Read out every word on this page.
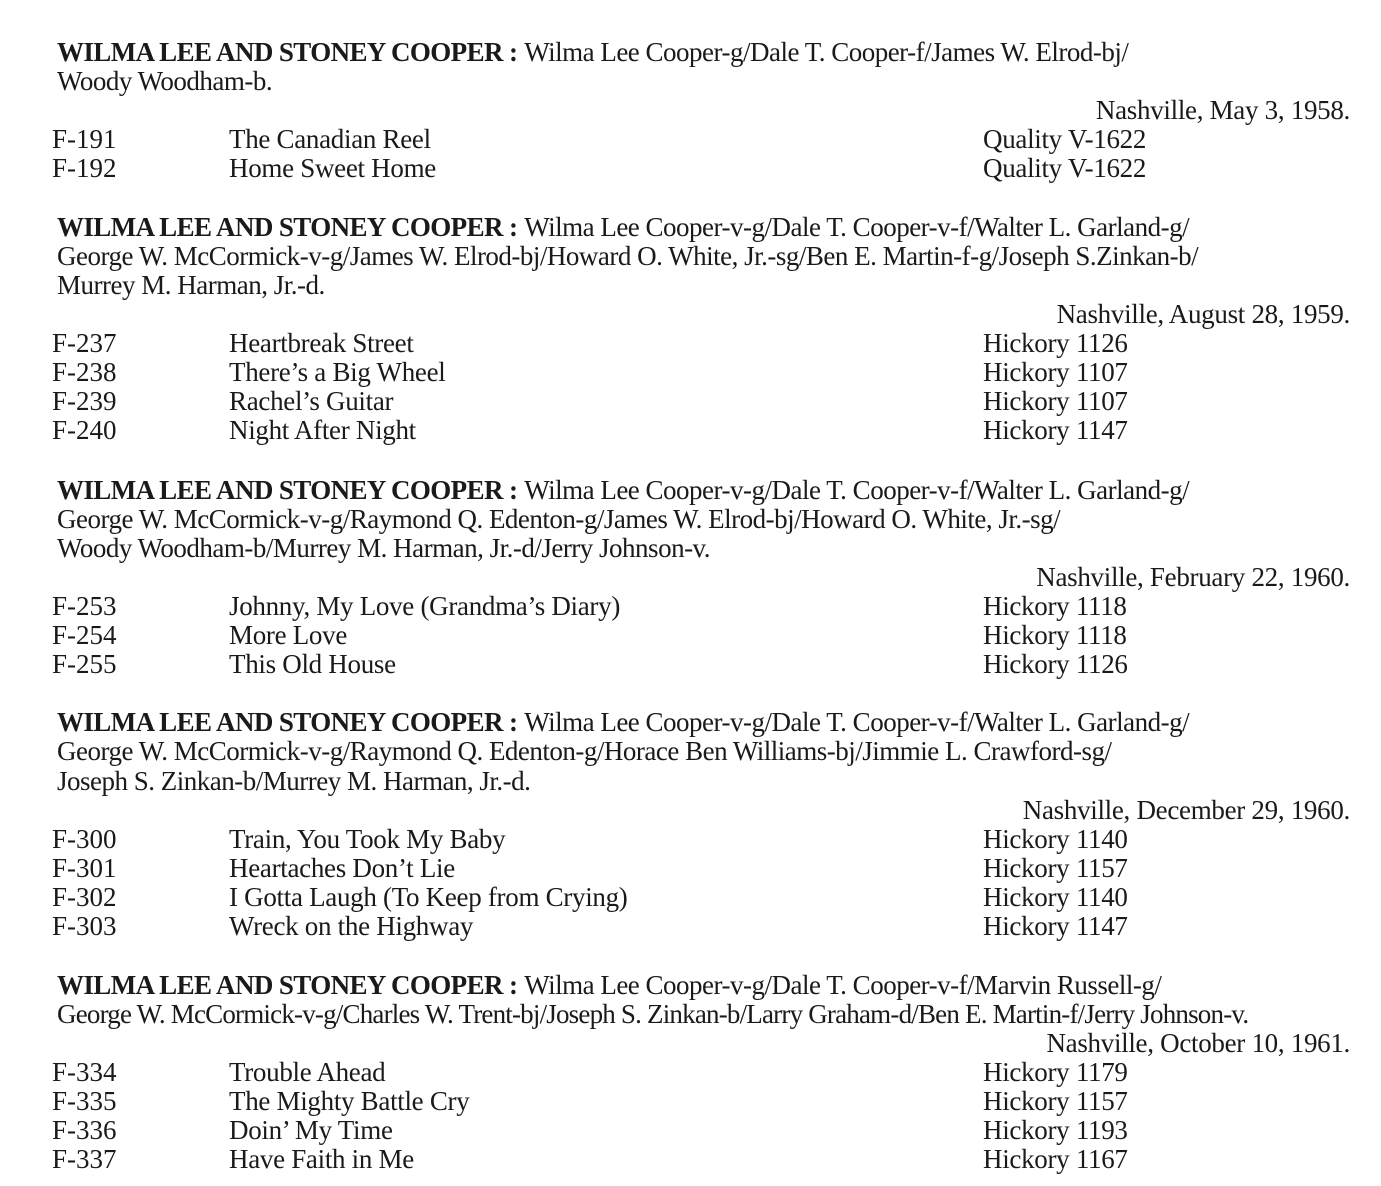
WILMA LEE AND STONEY COOPER : Wilma Lee Cooper-g/Dale T. Cooper-f/James W. Elrod-bj/
Woody Woodham-b.
Nashville, May 3, 1958.
F-191	The Canadian Reel	Quality V-1622
F-192	Home Sweet Home	Quality V-1622
WILMA LEE AND STONEY COOPER : Wilma Lee Cooper-v-g/Dale T. Cooper-v-f/Walter L. Garland-g/
George W. McCormick-v-g/James W. Elrod-bj/Howard O. White, Jr.-sg/Ben E. Martin-f-g/Joseph S.Zinkan-b/
Murrey M. Harman, Jr.-d.
Nashville, August 28, 1959.
F-237	Heartbreak Street	Hickory 1126
F-238	There’s a Big Wheel	Hickory 1107
F-239	Rachel’s Guitar	Hickory 1107
F-240	Night After Night	Hickory 1147
WILMA LEE AND STONEY COOPER : Wilma Lee Cooper-v-g/Dale T. Cooper-v-f/Walter L. Garland-g/
George W. McCormick-v-g/Raymond Q. Edenton-g/James W. Elrod-bj/Howard O. White, Jr.-sg/
Woody Woodham-b/Murrey M. Harman, Jr.-d/Jerry Johnson-v.
Nashville, February 22, 1960.
F-253	Johnny, My Love (Grandma’s Diary)	Hickory 1118
F-254	More Love	Hickory 1118
F-255	This Old House	Hickory 1126
WILMA LEE AND STONEY COOPER : Wilma Lee Cooper-v-g/Dale T. Cooper-v-f/Walter L. Garland-g/
George W. McCormick-v-g/Raymond Q. Edenton-g/Horace Ben Williams-bj/Jimmie L. Crawford-sg/
Joseph S. Zinkan-b/Murrey M. Harman, Jr.-d.
Nashville, December 29, 1960.
F-300	Train, You Took My Baby	Hickory 1140
F-301	Heartaches Don’t Lie	Hickory 1157
F-302	I Gotta Laugh (To Keep from Crying)	Hickory 1140
F-303	Wreck on the Highway	Hickory 1147
WILMA LEE AND STONEY COOPER : Wilma Lee Cooper-v-g/Dale T. Cooper-v-f/Marvin Russell-g/
George W. McCormick-v-g/Charles W. Trent-bj/Joseph S. Zinkan-b/Larry Graham-d/Ben E. Martin-f/Jerry Johnson-v.
Nashville, October 10, 1961.
F-334	Trouble Ahead	Hickory 1179
F-335	The Mighty Battle Cry	Hickory 1157
F-336	Doin’ My Time	Hickory 1193
F-337	Have Faith in Me	Hickory 1167
